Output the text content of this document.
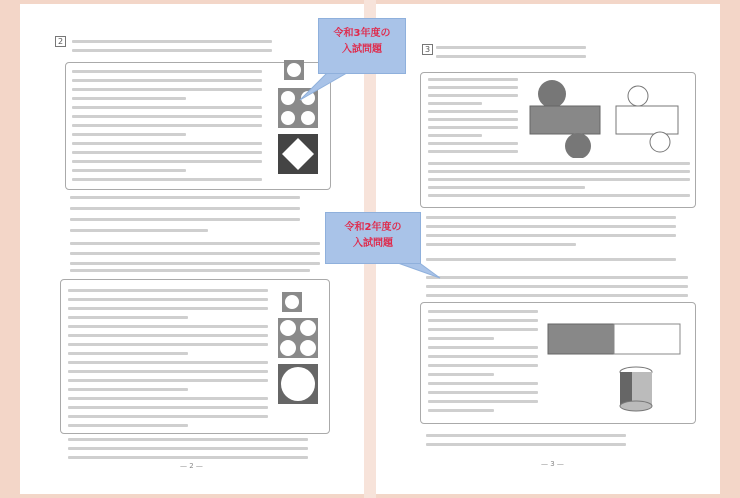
2
— 2 —
3
— 3 —
令和3年度の
入試問題
令和2年度の
入試問題
